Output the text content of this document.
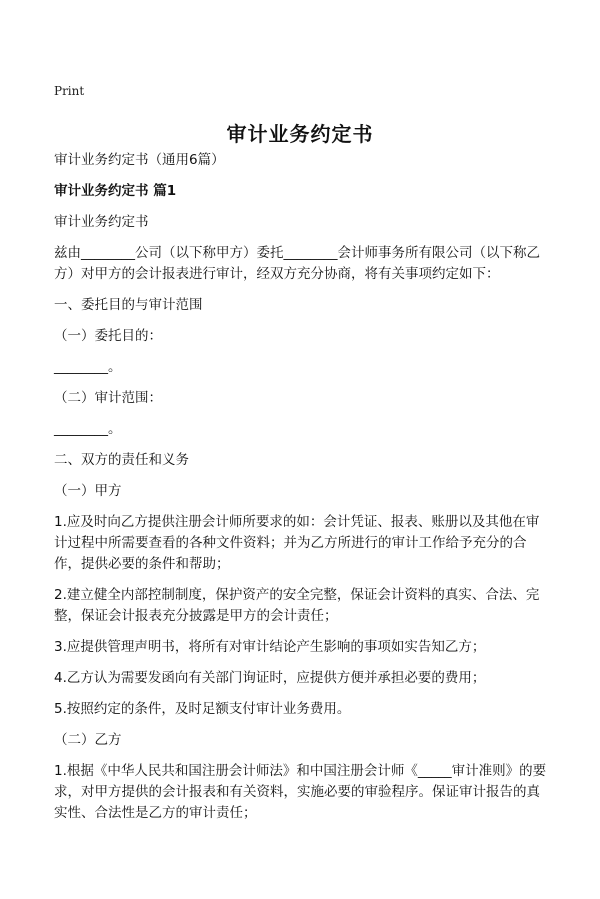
Print
审计业务约定书

审计业务约定书（通用6篇）

审计业务约定书 篇1

审计业务约定书

兹由________公司（以下称甲方）委托________会计师事务所有限公司（以下称乙方）对甲方的会计报表进行审计，经双方充分协商，将有关事项约定如下：

一、委托目的与审计范围

（一）委托目的：

________。

（二）审计范围：

________。

二、双方的责任和义务

（一）甲方

1.应及时向乙方提供注册会计师所要求的如：会计凭证、报表、账册以及其他在审计过程中所需要查看的各种文件资料；并为乙方所进行的审计工作给予充分的合作，提供必要的条件和帮助；

2.建立健全内部控制制度，保护资产的安全完整，保证会计资料的真实、合法、完整，保证会计报表充分披露是甲方的会计责任；

3.应提供管理声明书，将所有对审计结论产生影响的事项如实告知乙方；

4.乙方认为需要发函向有关部门询证时，应提供方便并承担必要的费用；

5.按照约定的条件，及时足额支付审计业务费用。

（二）乙方

1.根据《中华人民共和国注册会计师法》和中国注册会计师《_____审计准则》的要求，对甲方提供的会计报表和有关资料，实施必要的审验程序。保证审计报告的真实性、合法性是乙方的审计责任；
